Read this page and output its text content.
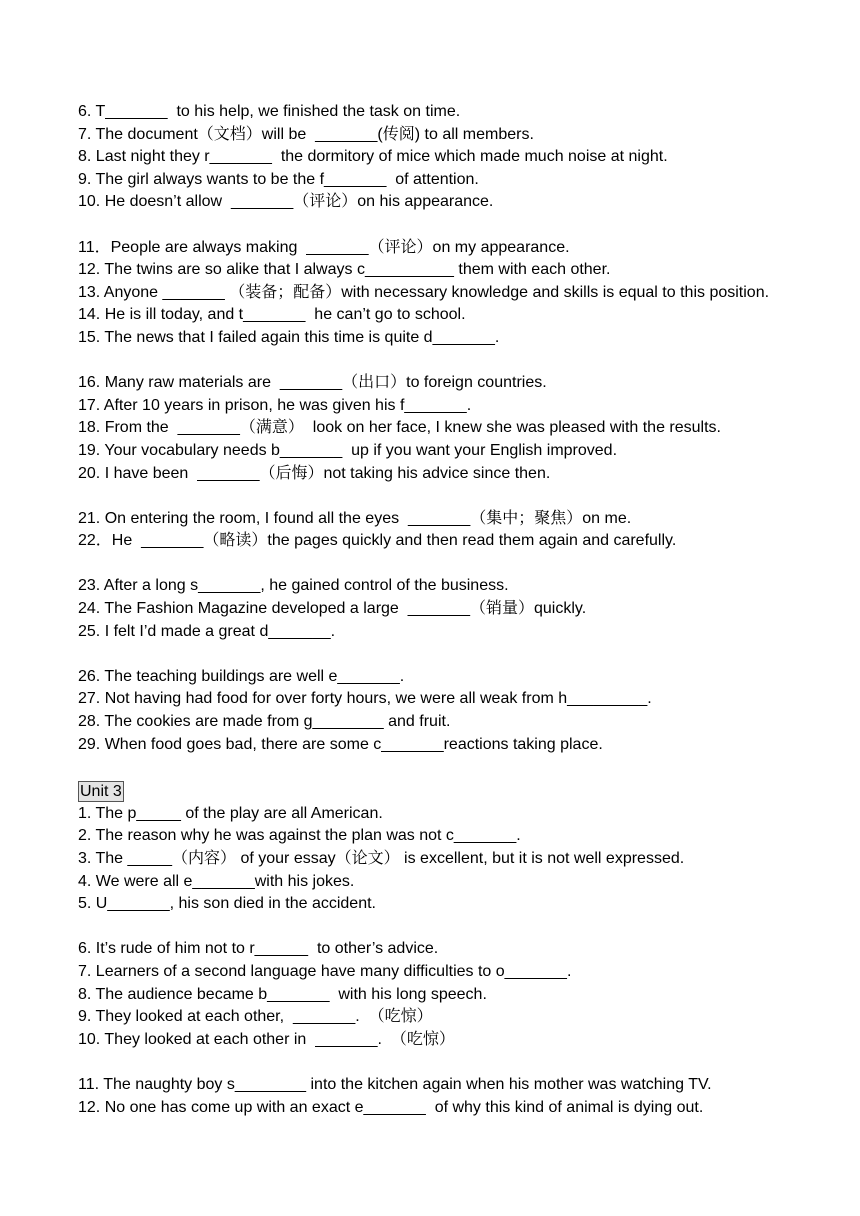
6. T_______  to his help, we finished the task on time.
7. The document（文档）will be  _______(传阅) to all members.
8. Last night they r_______  the dormitory of mice which made much noise at night.
9. The girl always wants to be the f_______  of attention.
10. He doesn’t allow  _______（评论）on his appearance.
11．People are always making  _______（评论）on my appearance.
12. The twins are so alike that I always c__________ them with each other.
13. Anyone _______ （装备；配备）with necessary knowledge and skills is equal to this position.
14. He is ill today, and t_______  he can’t go to school.
15. The news that I failed again this time is quite d_______.
16. Many raw materials are  _______（出口）to foreign countries.
17. After 10 years in prison, he was given his f_______.
18. From the  _______（满意）  look on her face, I knew she was pleased with the results.
19. Your vocabulary needs b_______  up if you want your English improved.
20. I have been  _______（后悔）not taking his advice since then.
21. On entering the room, I found all the eyes  _______（集中；聚焦）on me.
22．He  _______（略读）the pages quickly and then read them again and carefully.
23. After a long s_______, he gained control of the business.
24. The Fashion Magazine developed a large  _______（销量）quickly.
25. I felt I’d made a great d_______.
26. The teaching buildings are well e_______.
27. Not having had food for over forty hours, we were all weak from h_________.
28. The cookies are made from g________ and fruit.
29. When food goes bad, there are some c_______reactions taking place.
Unit 3
1. The p_____ of the play are all American.
2. The reason why he was against the plan was not c_______.
3. The _____（内容） of your essay（论文） is excellent, but it is not well expressed.
4. We were all e_______with his jokes.
5. U_______, his son died in the accident.
6. It’s rude of him not to r______  to other’s advice.
7. Learners of a second language have many difficulties to o_______.
8. The audience became b_______  with his long speech.
9. They looked at each other,  _______.  （吃惊）
10. They looked at each other in  _______.  （吃惊）
11. The naughty boy s________ into the kitchen again when his mother was watching TV.
12. No one has come up with an exact e_______  of why this kind of animal is dying out.
